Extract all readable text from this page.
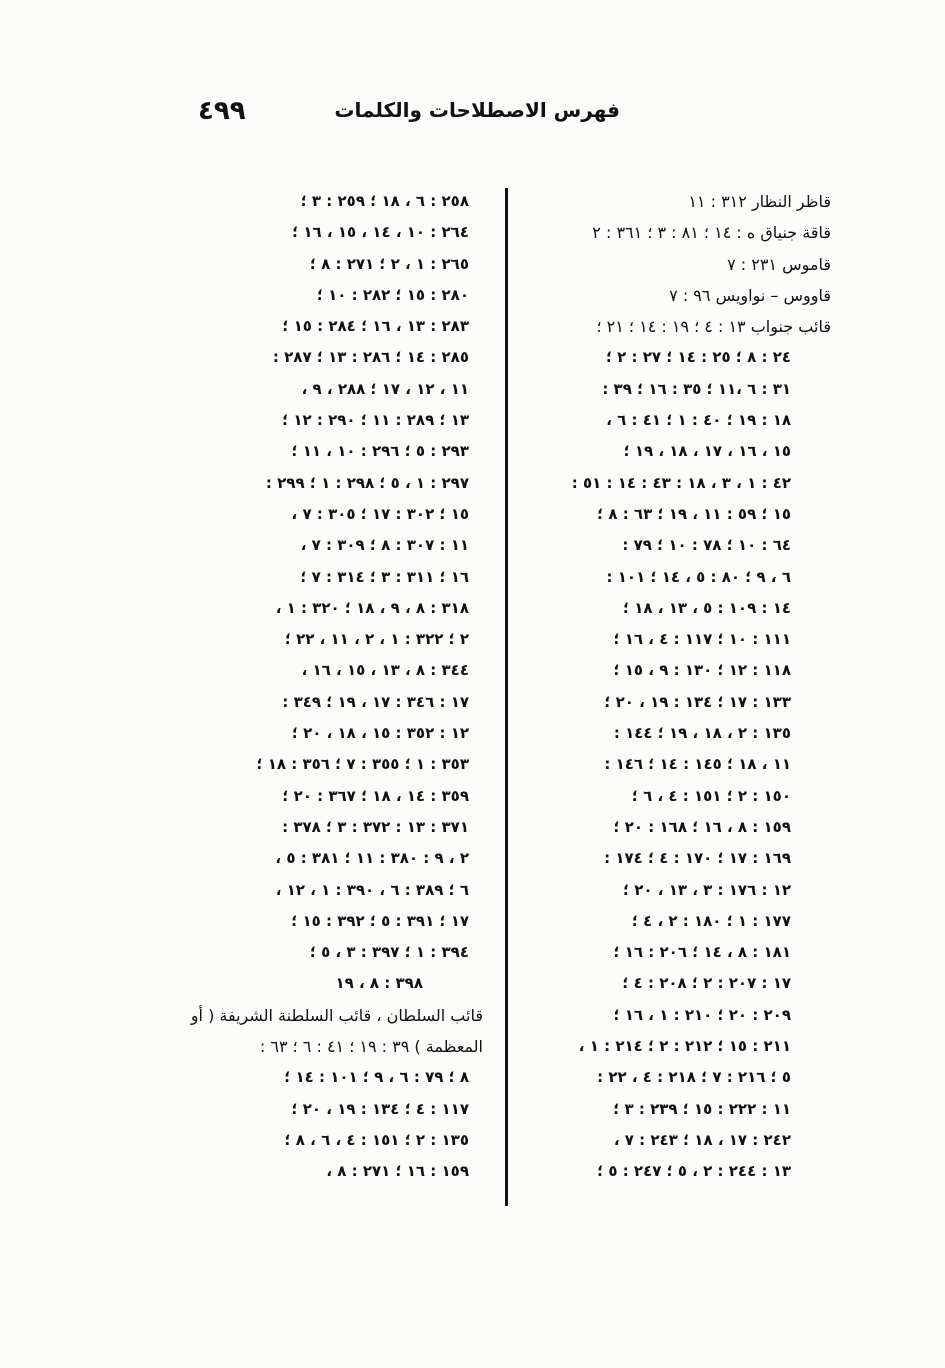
٤٩٩	فهرس الاصطلاحات والكلمات
قاظر النظار ٣١٢ : ١١
قاقة جنياق ه : ١٤ ؛ ٨١ : ٣ ؛ ٣٦١ : ٢
قاموس ٢٣١ : ٧
قاووس – نواويس ٩٦ : ٧
قائب جنواب ١٣ : ٤ ؛ ١٩ : ١٤ ؛ ٢١ ؛
٢٤ : ٨ ؛ ٢٥ : ١٤ ؛ ٢٧ : ٢ ؛
٣١ : ٦ ،١١ ؛ ٣٥ : ١٦ ؛ ٣٩ :
١٨ : ١٩ ؛ ٤٠ : ١ ؛ ٤١ : ٦ ،
١٥ ، ١٦ ، ١٧ ، ١٨ ، ١٩ ؛
٤٢ : ١ ، ٣ ، ١٨ : ٤٣ : ١٤ : ٥١ :
١٥ ؛ ٥٩ : ١١ ، ١٩ ؛ ٦٣ : ٨ ؛
٦٤ : ١٠ ؛ ٧٨ : ١٠ ؛ ٧٩ :
٦ ، ٩ ؛ ٨٠ : ٥ ، ١٤ ؛ ١٠١ :
١٤ : ١٠٩ : ٥ ، ١٣ ، ١٨ ؛
١١١ : ١٠ ؛ ١١٧ : ٤ ، ١٦ ؛
١١٨ : ١٢ ؛ ١٣٠ : ٩ ، ١٥ ؛
١٣٣ : ١٧ ؛ ١٣٤ : ١٩ ، ٢٠ ؛
١٣٥ : ٢ ، ١٨ ، ١٩ ؛ ١٤٤ :
١١ ، ١٨ ؛ ١٤٥ : ١٤ ؛ ١٤٦ :
١٥٠ : ٢ ؛ ١٥١ : ٤ ، ٦ ؛
١٥٩ : ٨ ، ١٦ ؛ ١٦٨ : ٢٠ ؛
١٦٩ : ١٧ ؛ ١٧٠ : ٤ ؛ ١٧٤ :
١٢ : ١٧٦ : ٣ ، ١٣ ، ٢٠ ؛
١٧٧ : ١ ؛ ١٨٠ : ٢ ، ٤ ؛
١٨١ : ٨ ، ١٤ ؛ ٢٠٦ : ١٦ ؛
١٧ : ٢٠٧ : ٢ ؛ ٢٠٨ : ٤ ؛
٢٠٩ : ٢٠ ؛ ٢١٠ : ١ ، ١٦ ؛
٢١١ : ١٥ ؛ ٢١٢ : ٢ ؛ ٢١٤ : ١ ،
٥ ؛ ٢١٦ : ٧ ؛ ٢١٨ : ٤ ، ٢٢ :
١١ : ٢٢٢ : ١٥ ؛ ٢٣٩ : ٣ ؛
٢٤٢ : ١٧ ، ١٨ ؛ ٢٤٣ : ٧ ،
١٣ : ٢٤٤ : ٢ ، ٥ ؛ ٢٤٧ : ٥ ؛
٢٥٨ : ٦ ، ١٨ ؛ ٢٥٩ : ٣ ؛
٢٦٤ : ١٠ ، ١٤ ، ١٥ ، ١٦ ؛
٢٦٥ : ١ ، ٢ ؛ ٢٧١ : ٨ ؛
٢٨٠ : ١٥ ؛ ٢٨٢ : ١٠ ؛
٢٨٣ : ١٣ ، ١٦ ؛ ٢٨٤ : ١٥ ؛
٢٨٥ : ١٤ ؛ ٢٨٦ : ١٣ ؛ ٢٨٧ :
١١ ، ١٢ ، ١٧ ؛ ٢٨٨ ، ٩ ،
١٣ ؛ ٢٨٩ : ١١ ؛ ٢٩٠ : ١٢ ؛
٢٩٣ : ٥ ؛ ٢٩٦ : ١٠ ، ١١ ؛
٢٩٧ : ١ ، ٥ ؛ ٢٩٨ : ١ ؛ ٢٩٩ :
١٥ ؛ ٣٠٢ : ١٧ ؛ ٣٠٥ : ٧ ،
١١ : ٣٠٧ : ٨ ؛ ٣٠٩ : ٧ ،
١٦ ؛ ٣١١ : ٣ ؛ ٣١٤ : ٧ ؛
٣١٨ : ٨ ، ٩ ، ١٨ ؛ ٣٢٠ : ١ ،
٢ ؛ ٣٢٢ : ١ ، ٢ ، ١١ ، ٢٢ ؛
٣٤٤ : ٨ ، ١٣ ، ١٥ ، ١٦ ،
١٧ : ٣٤٦ : ١٧ ، ١٩ ؛ ٣٤٩ :
١٢ : ٣٥٢ : ١٥ ، ١٨ ، ٢٠ ؛
٣٥٣ : ١ ؛ ٣٥٥ : ٧ ؛ ٣٥٦ : ١٨ ؛
٣٥٩ : ١٤ ، ١٨ ؛ ٣٦٧ : ٢٠ ؛
٣٧١ : ١٣ : ٣٧٢ : ٣ ؛ ٣٧٨ :
٢ ، ٩ : ٣٨٠ : ١١ ؛ ٣٨١ : ٥ ،
٦ ؛ ٣٨٩ : ٦ ، ٣٩٠ : ١ ، ١٢ ،
١٧ ؛ ٣٩١ : ٥ ؛ ٣٩٢ : ١٥ ؛
٣٩٤ : ١ ؛ ٣٩٧ : ٣ ، ٥ ؛
٣٩٨ : ٨ ، ١٩
قائب السلطان ، قائب السلطنة الشريفة ( أو
المعظمة ) ٣٩ : ١٩ ؛ ٤١ : ٦ ؛ ٦٣ :
٨ ؛ ٧٩ : ٦ ، ٩ ؛ ١٠١ : ١٤ ؛
١١٧ : ٤ ؛ ١٣٤ : ١٩ ، ٢٠ ؛
١٣٥ : ٢ ؛ ١٥١ : ٤ ، ٦ ، ٨ ؛
١٥٩ : ١٦ ؛ ٢٧١ : ٨ ،
